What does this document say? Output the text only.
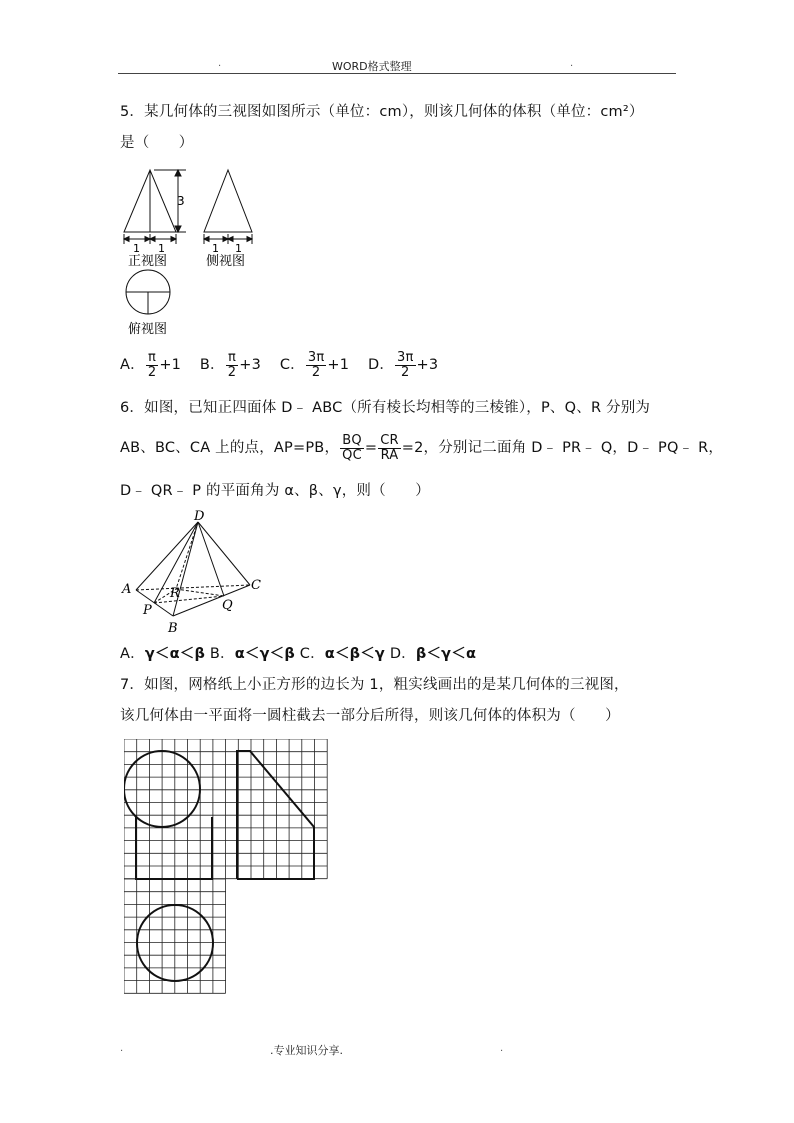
.	WORD格式整理	.
5．某几何体的三视图如图所示（单位：cm），则该几何体的体积（单位：cm²）
是（　　）
3
1 1
正视图
1 1
侧视图
俯视图
A． $\frac{\pi}{2} +1$ B． $\frac{\pi}{2} +3$ C． $\frac{3\pi}{2} +1$ D． $\frac{3\pi}{2} +3$
6．如图，已知正四面体 D﹣ ABC（所有棱长均相等的三棱锥），P、Q、R 分别为
AB、BC、CA 上的点，AP=PB， $\frac{BQ}{QC} = \frac{CR}{RA} =2$，分别记二面角 D﹣ PR﹣ Q，D﹣ PQ﹣ R，
D﹣ QR﹣ P 的平面角为 α、β、γ，则（　　）
D
A
B
C
P	Q
R
A．γ＜α＜β B．α＜γ＜β C．α＜β＜γ D．β＜γ＜α
7．如图，网格纸上小正方形的边长为 1，粗实线画出的是某几何体的三视图，
该几何体由一平面将一圆柱截去一部分后所得，则该几何体的体积为（　　）
.	.专业知识分享.	.
